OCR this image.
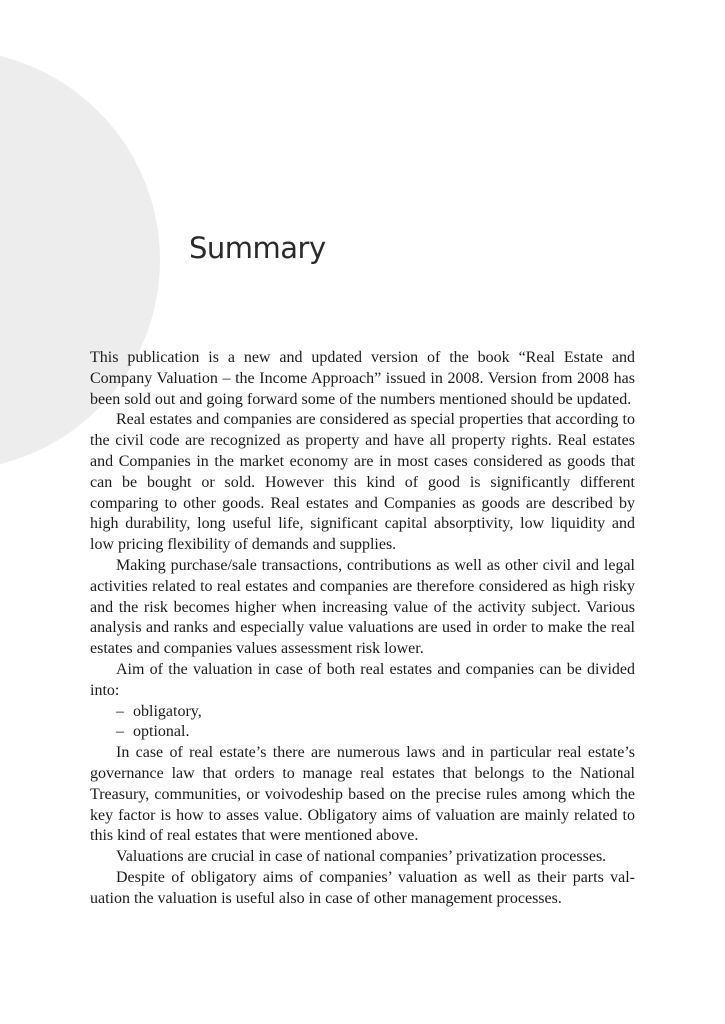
Summary

This publication is a new and updated version of the book “Real Estate and Company Valuation – the Income Approach” issued in 2008. Version from 2008 has been sold out and going forward some of the numbers mentioned should be updated.

Real estates and companies are considered as special properties that according to the civil code are recognized as property and have all property rights. Real estates and Companies in the market economy are in most cases considered as goods that can be bought or sold. However this kind of good is significantly different comparing to other goods. Real estates and Companies as goods are described by high durability, long useful life, significant capital absorptivity, low liquidity and low pricing flexibility of demands and supplies.

Making purchase/sale transactions, contributions as well as other civil and legal activities related to real estates and companies are therefore considered as high risky and the risk becomes higher when increasing value of the activity subject. Various analysis and ranks and especially value valuations are used in order to make the real estates and companies values assessment risk lower.

Aim of the valuation in case of both real estates and companies can be divided into:

– obligatory,
– optional.

In case of real estate’s there are numerous laws and in particular real estate’s governance law that orders to manage real estates that belongs to the National Treasury, communities, or voivodeship based on the precise rules among which the key factor is how to asses value. Obligatory aims of valuation are mainly related to this kind of real estates that were mentioned above.

Valuations are crucial in case of national companies’ privatization processes.

Despite of obligatory aims of companies’ valuation as well as their parts valuation the valuation is useful also in case of other management processes.
